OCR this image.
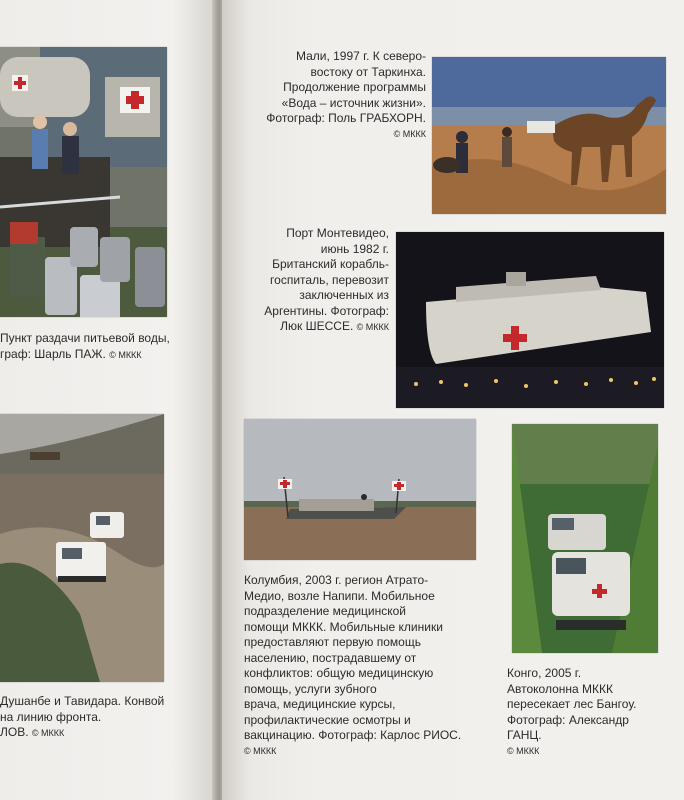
Пункт раздачи питьевой воды,
граф: Шарль ПАЖ. © МККК
Мали, 1997 г. К северо-
востоку от Таркинха.
Продолжение программы
«Вода – источник жизни».
Фотограф: Поль ГРАБХОРН.
© МККК
Порт Монтевидео,
июнь 1982 г.
Британский корабль-
госпиталь, перевозит
заключенных из
Аргентины. Фотограф:
Люк ШЕССЕ. © МККК
Колумбия, 2003 г. регион Атрато-
Медио, возле Напипи. Мобильное
подразделение медицинской
помощи МККК. Мобильные клиники
предоставляют первую помощь
населению, пострадавшему от
конфликтов: общую медицинскую
помощь, услуги зубного
врача, медицинские курсы,
профилактические осмотры и
вакцинацию. Фотограф: Карлос РИОС.
© МККК
Конго, 2005 г.
Автоколонна МККК
пересекает лес Бангоу.
Фотограф: Александр
ГАНЦ.
© МККК
Душанбе и Тавидара. Конвой
на линию фронта.
ЛОВ. © МККК
